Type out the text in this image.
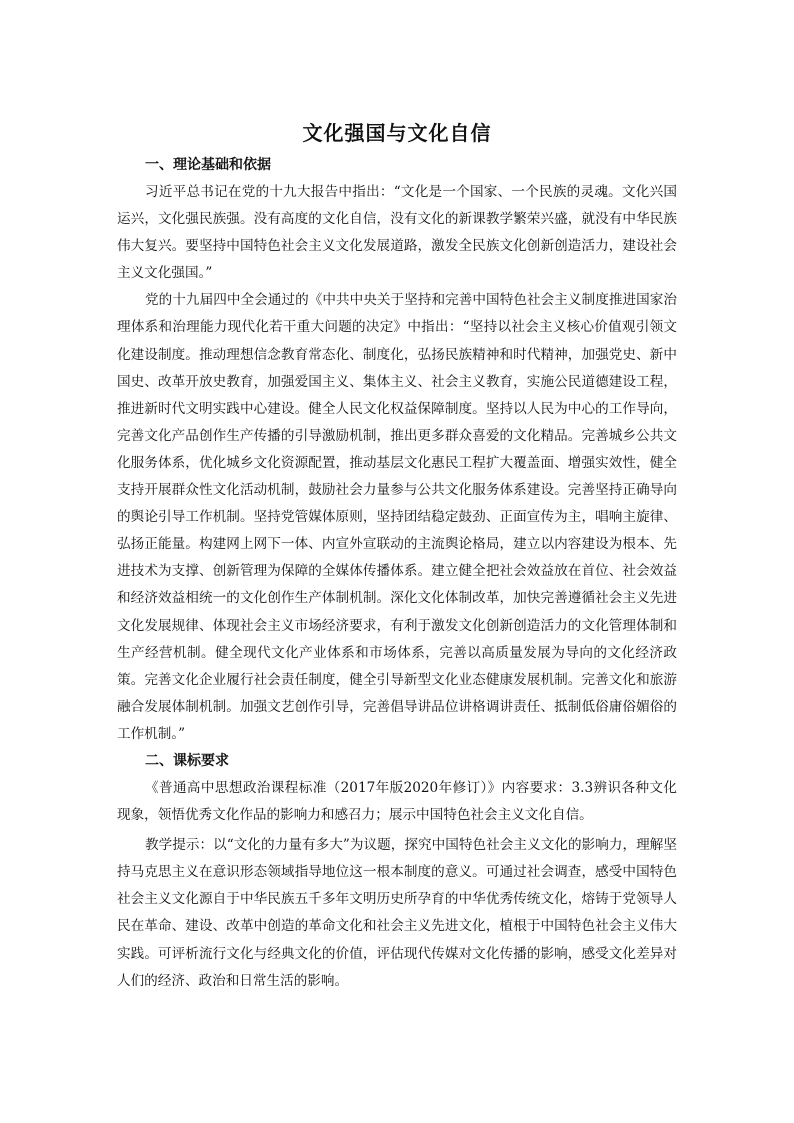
文化强国与文化自信
一、理论基础和依据

习近平总书记在党的十九大报告中指出：“文化是一个国家、一个民族的灵魂。文化兴国运兴，文化强民族强。没有高度的文化自信，没有文化的新课教学繁荣兴盛，就没有中华民族伟大复兴。要坚持中国特色社会主义文化发展道路，激发全民族文化创新创造活力，建设社会主义文化强国。”

党的十九届四中全会通过的《中共中央关于坚持和完善中国特色社会主义制度推进国家治理体系和治理能力现代化若干重大问题的决定》中指出：“坚持以社会主义核心价值观引领文化建设制度。推动理想信念教育常态化、制度化，弘扬民族精神和时代精神，加强党史、新中国史、改革开放史教育，加强爱国主义、集体主义、社会主义教育，实施公民道德建设工程，推进新时代文明实践中心建设。健全人民文化权益保障制度。坚持以人民为中心的工作导向，完善文化产品创作生产传播的引导激励机制，推出更多群众喜爱的文化精品。完善城乡公共文化服务体系，优化城乡文化资源配置，推动基层文化惠民工程扩大覆盖面、增强实效性，健全支持开展群众性文化活动机制，鼓励社会力量参与公共文化服务体系建设。完善坚持正确导向的舆论引导工作机制。坚持党管媒体原则，坚持团结稳定鼓劲、正面宣传为主，唱响主旋律、弘扬正能量。构建网上网下一体、内宣外宣联动的主流舆论格局，建立以内容建设为根本、先进技术为支撑、创新管理为保障的全媒体传播体系。建立健全把社会效益放在首位、社会效益和经济效益相统一的文化创作生产体制机制。深化文化体制改革，加快完善遵循社会主义先进文化发展规律、体现社会主义市场经济要求，有利于激发文化创新创造活力的文化管理体制和生产经营机制。健全现代文化产业体系和市场体系，完善以高质量发展为导向的文化经济政策。完善文化企业履行社会责任制度，健全引导新型文化业态健康发展机制。完善文化和旅游融合发展体制机制。加强文艺创作引导，完善倡导讲品位讲格调讲责任、抵制低俗庸俗媚俗的工作机制。”

二、课标要求

《普通高中思想政治课程标准（2017年版2020年修订）》内容要求：3.3辨识各种文化现象，领悟优秀文化作品的影响力和感召力；展示中国特色社会主义文化自信。

教学提示：以“文化的力量有多大”为议题，探究中国特色社会主义文化的影响力，理解坚持马克思主义在意识形态领域指导地位这一根本制度的意义。可通过社会调查，感受中国特色社会主义文化源自于中华民族五千多年文明历史所孕育的中华优秀传统文化，熔铸于党领导人民在革命、建设、改革中创造的革命文化和社会主义先进文化，植根于中国特色社会主义伟大实践。可评析流行文化与经典文化的价值，评估现代传媒对文化传播的影响，感受文化差异对人们的经济、政治和日常生活的影响。
